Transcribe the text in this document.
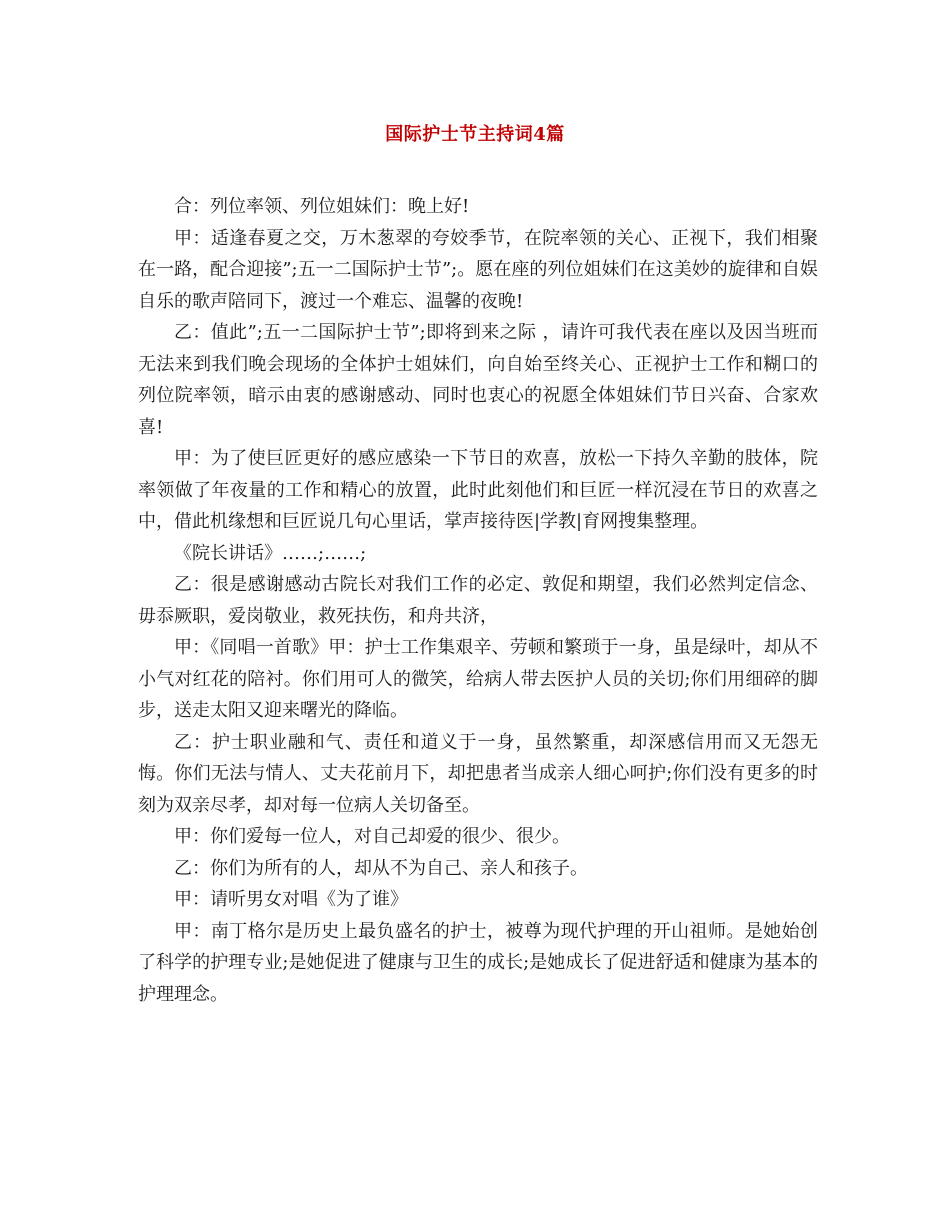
国际护士节主持词4篇

合：列位率领、列位姐妹们：晚上好!

甲：适逢春夏之交，万木葱翠的夸姣季节，在院率领的关心、正视下，我们相聚在一路，配合迎接”;五一二国际护士节”;。愿在座的列位姐妹们在这美妙的旋律和自娱自乐的歌声陪同下，渡过一个难忘、温馨的夜晚!

乙：值此”;五一二国际护士节”;即将到来之际 ，请许可我代表在座以及因当班而无法来到我们晚会现场的全体护士姐妹们，向自始至终关心、正视护士工作和糊口的列位院率领，暗示由衷的感谢感动、同时也衷心的祝愿全体姐妹们节日兴奋、合家欢喜!

甲：为了使巨匠更好的感应感染一下节日的欢喜，放松一下持久辛勤的肢体，院率领做了年夜量的工作和精心的放置，此时此刻他们和巨匠一样沉浸在节日的欢喜之中，借此机缘想和巨匠说几句心里话，掌声接待医|学教|育网搜集整理。

《院长讲话》……;……;

乙：很是感谢感动古院长对我们工作的必定、敦促和期望，我们必然判定信念、毋忝厥职，爱岗敬业，救死扶伤，和舟共济，

甲：《同唱一首歌》甲：护士工作集艰辛、劳顿和繁琐于一身，虽是绿叶，却从不小气对红花的陪衬。你们用可人的微笑，给病人带去医护人员的关切;你们用细碎的脚步，送走太阳又迎来曙光的降临。

乙：护士职业融和气、责任和道义于一身，虽然繁重，却深感信用而又无怨无悔。你们无法与情人、丈夫花前月下，却把患者当成亲人细心呵护;你们没有更多的时刻为双亲尽孝，却对每一位病人关切备至。

甲：你们爱每一位人，对自己却爱的很少、很少。

乙：你们为所有的人，却从不为自己、亲人和孩子。

甲：请听男女对唱《为了谁》

甲：南丁格尔是历史上最负盛名的护士，被尊为现代护理的开山祖师。是她始创了科学的护理专业;是她促进了健康与卫生的成长;是她成长了促进舒适和健康为基本的护理理念。
